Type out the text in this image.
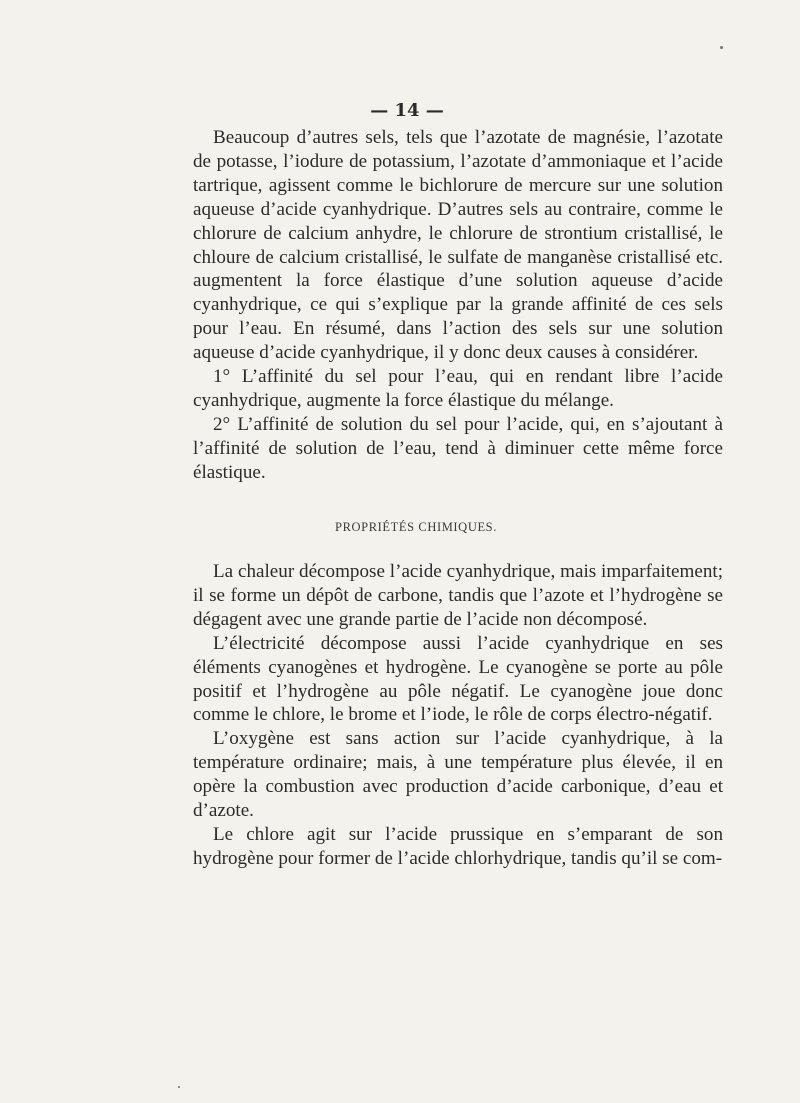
— 14 —

Beaucoup d’autres sels, tels que l’azotate de magnésie, l’azotate de potasse, l’iodure de potassium, l’azotate d’ammoniaque et l’acide tartrique, agissent comme le bichlorure de mercure sur une solution aqueuse d’acide cyanhydrique. D’autres sels au contraire, comme le chlorure de calcium anhydre, le chlorure de strontium cristallisé, le chloure de calcium cristallisé, le sulfate de manganèse cristallisé etc. augmentent la force élastique d’une solution aqueuse d’acide cyanhydrique, ce qui s’explique par la grande affinité de ces sels pour l’eau. En résumé, dans l’action des sels sur une solution aqueuse d’acide cyanhydrique, il y donc deux causes à considérer.

1° L’affinité du sel pour l’eau, qui en rendant libre l’acide cyanhydrique, augmente la force élastique du mélange.

2° L’affinité de solution du sel pour l’acide, qui, en s’ajoutant à l’affinité de solution de l’eau, tend à diminuer cette même force élastique.

PROPRIÉTÉS CHIMIQUES.

La chaleur décompose l’acide cyanhydrique, mais imparfaitement; il se forme un dépôt de carbone, tandis que l’azote et l’hydrogène se dégagent avec une grande partie de l’acide non décomposé.

L’électricité décompose aussi l’acide cyanhydrique en ses éléments cyanogènes et hydrogène. Le cyanogène se porte au pôle positif et l’hydrogène au pôle négatif. Le cyanogène joue donc comme le chlore, le brome et l’iode, le rôle de corps électro-négatif.

L’oxygène est sans action sur l’acide cyanhydrique, à la température ordinaire; mais, à une température plus élevée, il en opère la combustion avec production d’acide carbonique, d’eau et d’azote.

Le chlore agit sur l’acide prussique en s’emparant de son hydrogène pour former de l’acide chlorhydrique, tandis qu’il se com-
